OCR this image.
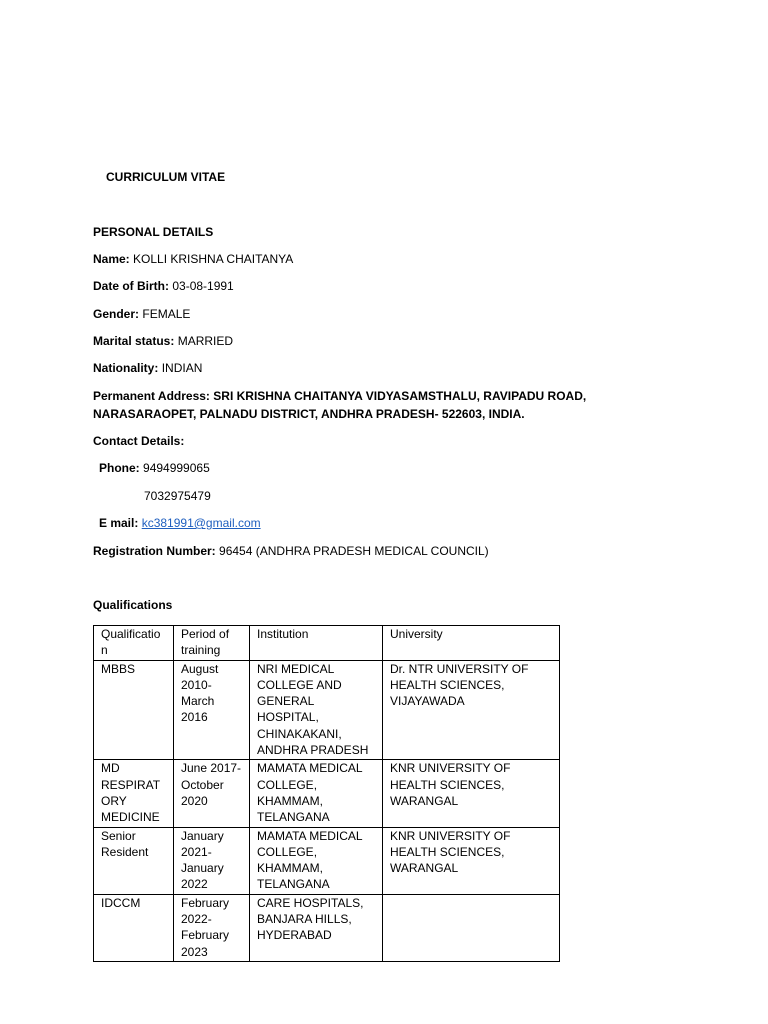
CURRICULUM VITAE
PERSONAL DETAILS
Name: KOLLI KRISHNA CHAITANYA
Date of Birth: 03-08-1991
Gender: FEMALE
Marital status: MARRIED
Nationality: INDIAN
Permanent Address: SRI KRISHNA CHAITANYA VIDYASAMSTHALU, RAVIPADU ROAD,
NARASARAOPET, PALNADU DISTRICT, ANDHRA PRADESH- 522603, INDIA.
Contact Details:
Phone: 9494999065
7032975479
E mail: kc381991@gmail.com
Registration Number: 96454 (ANDHRA PRADESH MEDICAL COUNCIL)
Qualifications
Qualification	Period of training	Institution	University
MBBS	August 2010- March 2016	NRI MEDICAL COLLEGE AND GENERAL HOSPITAL, CHINAKAKANI, ANDHRA PRADESH	Dr. NTR UNIVERSITY OF HEALTH SCIENCES, VIJAYAWADA
MD RESPIRATORY MEDICINE	June 2017- October 2020	MAMATA MEDICAL COLLEGE, KHAMMAM, TELANGANA	KNR UNIVERSITY OF HEALTH SCIENCES, WARANGAL
Senior Resident	January 2021- January 2022	MAMATA MEDICAL COLLEGE, KHAMMAM, TELANGANA	KNR UNIVERSITY OF HEALTH SCIENCES, WARANGAL
IDCCM	February 2022- February 2023	CARE HOSPITALS, BANJARA HILLS, HYDERABAD	
